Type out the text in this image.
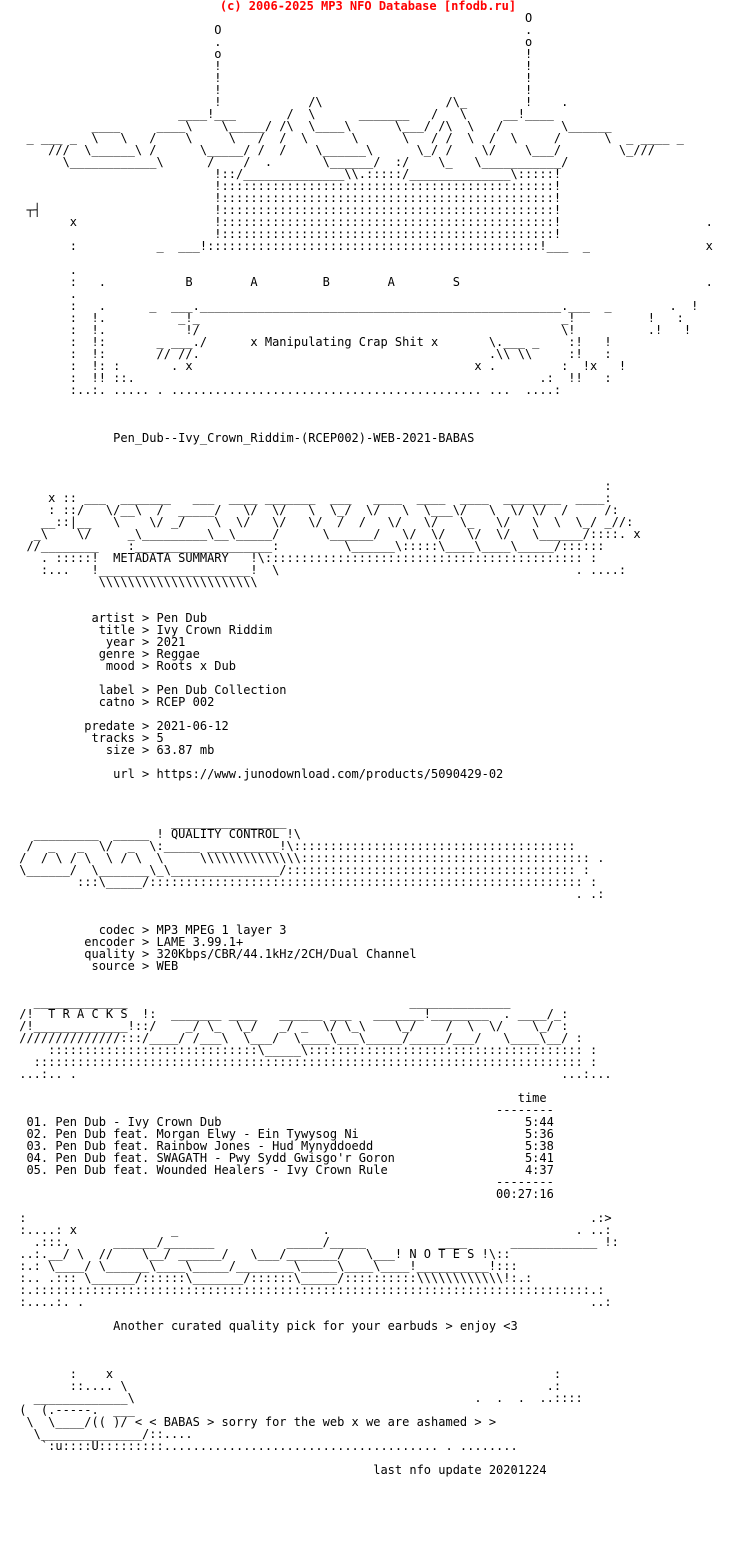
(c) 2006-2025 MP3 NFO Database [nfodb.ru]
O
O                                          .
.                                          o
o                                          !
!                                          !
!                                          !
!                                          !
!            /\                 /\_        !    .
____!___       /  \      _______   /   \     __!____
____     ____\    \_____/ /\  \____\      \___/ /\  \   /        \______
_ ___ _  \   \   /    \     \   /  /  \      \      \   / /  \  /  \     /      \  _ ____ _
///  \______\ /      \_____/ /  /    \______\      \_/ /    \/    \___/        \_///
\____________\      /    /  .       \______/  :/    \_   \___________/
!::/______________\\.:::::/______________\:::::!
!::::::::::::::::::::::::::::::::::::::::::::::!
!::::::::::::::::::::::::::::::::::::::::::::::!
┬┤                        !::::::::::::::::::::::::::::::::::::::::::::::!
x                   !::::::::::::::::::::::::::::::::::::::::::::::!                    .
!::::::::::::::::::::::::::::::::::::::::::::::!
:           _  ___!::::::::::::::::::::::::::::::::::::::::::::::!___  _                x

.
:   .           B        A         B        A        S                                  .
.
:   .      _  ___.__________________________________________________.___  _        .  !
:  !.          _!_                                                  _!          !   :
:  !.           !/                                                  \!          .!   !
:  !:       _ ___./      x Manipulating Crap Shit x       \.___ _    :!   !
:  !:       // //.                                        .\\ \\     :!   :
:  !: :       . x                                       x .         :  !x   !
:  !! ::.                                                        .:  !!   :
:..:. ..... . ........................................... ...  ....:

Pen_Dub--Ivy_Crown_Riddim-(RCEP002)-WEB-2021-BABAS

:
x :: ___  _______   ___  ____ _______  ___   ____  ____  ____  ________  ____:
: ::/   \/__\  /  _____/   \/  \/   \  \_/  \/   \  \___\/   \  \/ \/  /     /:
__::|__   \    \/ _/    \  \/   \/   \/  /  /   \/   \/   \_   \/   \  \  \_/ _//:
_\    \/     _\_________\__\_____/      \______/   \/  \/   \/  \/   \______/::::. x
//________    :___________________:         \______\:::::\____\____\_____/::::::
. :::::!  METADATA SUMMARY   !\:::::::::::::::::::::::::::::::::::::::::::: :
:...   !_____________________!  \                                         . ....:
\\\\\\\\\\\\\\\\\\\\\\

artist > Pen Dub
title > Ivy Crown Riddim
year > 2021
genre > Reggae
mood > Roots x Dub

label > Pen Dub Collection
catno > RCEP 002

predate > 2021-06-12
tracks > 5
size > 63.87 mb

url > https://www.junodownload.com/products/5090429-02

________________
_________  _____ ! QUALITY CONTROL !\
/  _   _  \/  _  \:_____ __________!\:::::::::::::::::::::::::::::::::::::::
/  / \ / \  \ / \  \     \\\\\\\\\\\\\\:::::::::::::::::::::::::::::::::::::::: .
\______/  \_______\_\_______________/:::::::::::::::::::::::::::::::::::::::: :
:::\_____/:::::::::::::::::::::::::::::::::::::::::::::::::::::::::::: :
. .:

codec > MP3 MPEG 1 layer 3
encoder > LAME 3.99.1+
quality > 320Kbps/CBR/44.1kHz/2CH/Dual Channel
source > WEB

_____________                                       ______________
/!  T R A C K S  !:  _______ ____   ______ ___   _______!________  . ____/_:
/!_____________!::/    _/ \_  \_/   _/ _  \/ \_\    \_/    /  \  \/    \_/ :
//////////////:::/____/ /___\  \___/  \____\___\_____/_____/___/   \____\__/ :
:::::::::::::::::::::::::::::\_____\:::::::::::::::::::::::::::::::::::::: :
:::::::::::::::::::::::::::::::::::::::::::::::::::::::::::::::::::::::::::: :
...:.. .                                                                   ...:...

time
--------
01. Pen Dub - Ivy Crown Dub                                          5:44
02. Pen Dub feat. Morgan Elwy - Ein Tywysog Ni                       5:36
03. Pen Dub feat. Rainbow Jones - Hud Mynyddoedd                     5:38
04. Pen Dub feat. SWAGATH - Pwy Sydd Gwisgo'r Goron                  5:41
05. Pen Dub feat. Wounded Healers - Ivy Crown Rule                   4:37
--------
00:27:16

:                                                                              .:>
:....: x             _                    .                                  . ..:
.:::.      ______/_______          _____/_____          ____      ____________ !:
..:.__/ \  //    \__/ ______/   \___/_______/   \___! N O T E S !\::
:.: \____/ \______\____\_____/________\_____\____\____!__________!:::
:.. .::: \______/::::::\_______/::::::\_____/::::::::::\\\\\\\\\\\\!:.:
:.:::::::::::::::::::::::::::::::::::::::::::::::::::::::::::::::::::::::::::::.:
:....:. .                                                                      ..:

Another curated quality pick for your earbuds > enjoy <3

:    x                                                             :
::.... \                                                          .:
_____________\                                               .  .  .  ..::::
(  (.-----.  ___
\  \____/(( )/ < < BABAS > sorry for the web x we are ashamed > >
\______________/::....
`:u::::U:::::::::...................................... . ........

last nfo update 20201224
